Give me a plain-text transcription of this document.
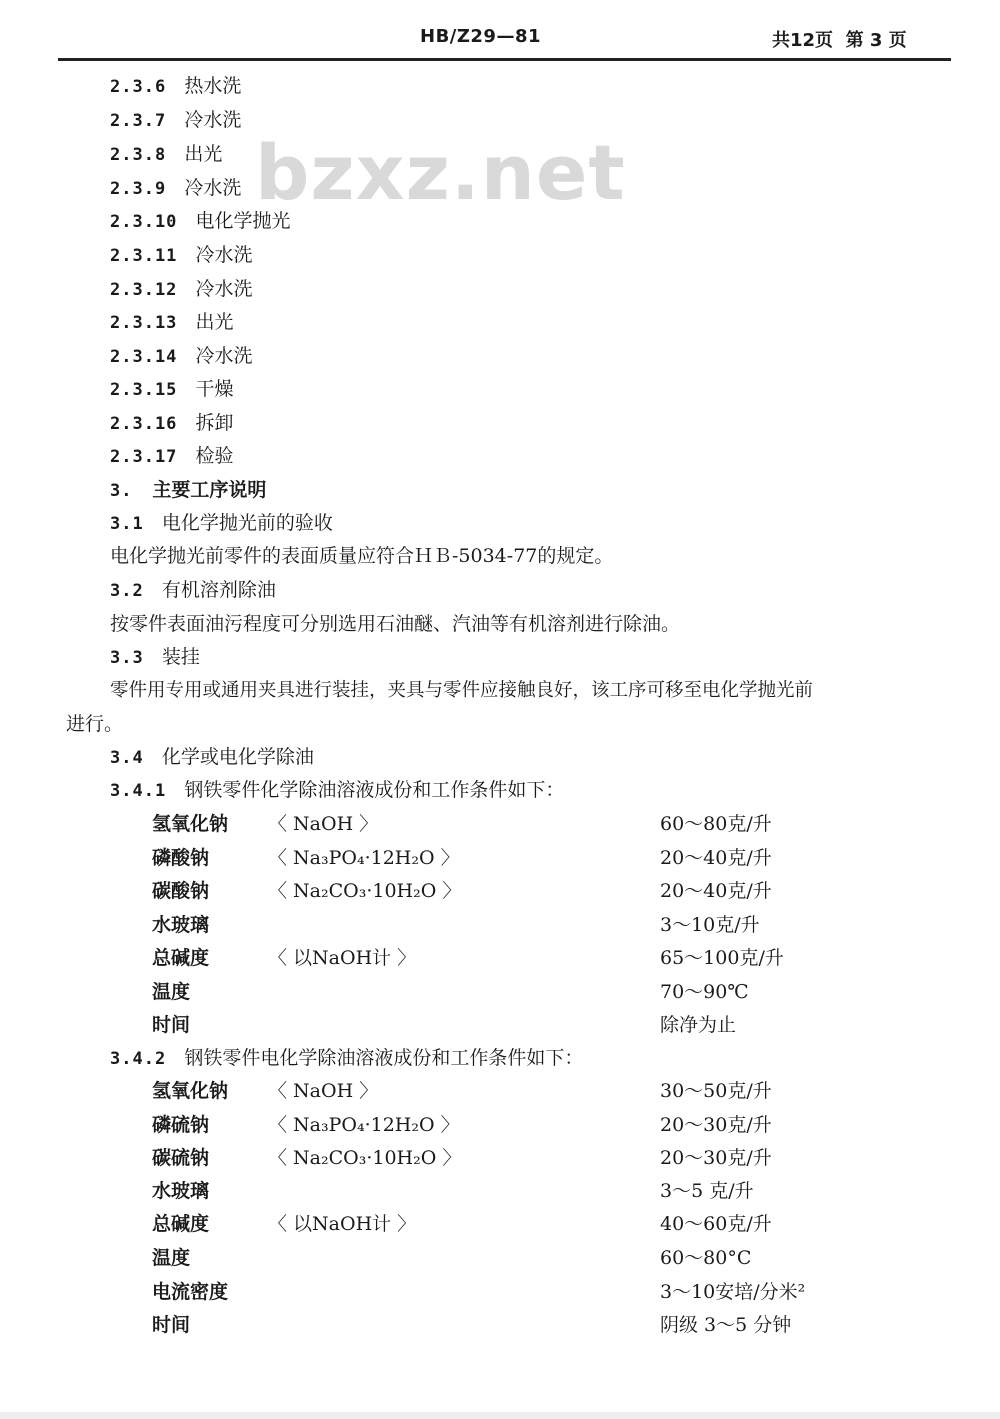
HB/Z29—81	共12页  第 3 页
bzxz.net
2.3.6 热水洗
2.3.7 冷水洗
2.3.8 出光
2.3.9 冷水洗
2.3.10 电化学抛光
2.3.11 冷水洗
2.3.12 冷水洗
2.3.13 出光
2.3.14 冷水洗
2.3.15 干燥
2.3.16 拆卸
2.3.17 检验
3. 主要工序说明
3.1 电化学抛光前的验收
电化学抛光前零件的表面质量应符合ＨＢ-5034-77的规定。
3.2 有机溶剂除油
按零件表面油污程度可分别选用石油醚、汽油等有机溶剂进行除油。
3.3 装挂
零件用专用或通用夹具进行装挂，夹具与零件应接触良好，该工序可移至电化学抛光前
进行。
3.4 化学或电化学除油
3.4.1 钢铁零件化学除油溶液成份和工作条件如下：
氢氧化钠 〈 NaOH 〉	60～80克/升
磷酸钠	〈 Na₃PO₄·12H₂O 〉	20～40克/升
碳酸钠	〈 Na₂CO₃·10H₂O 〉	20～40克/升
水玻璃	3～10克/升
总碱度	〈 以NaOH计 〉	65～100克/升
温度	70～90℃
时间	除净为止
3.4.2 钢铁零件电化学除油溶液成份和工作条件如下：
氢氧化钠 〈 NaOH 〉	30～50克/升
磷硫钠	〈 Na₃PO₄·12H₂O 〉	20～30克/升
碳硫钠	〈 Na₂CO₃·10H₂O 〉	20～30克/升
水玻璃	3～5 克/升
总碱度	〈 以NaOH计 〉	40～60克/升
温度	60～80°C
电流密度	3～10安培/分米²
时间	阴级 3～5 分钟
